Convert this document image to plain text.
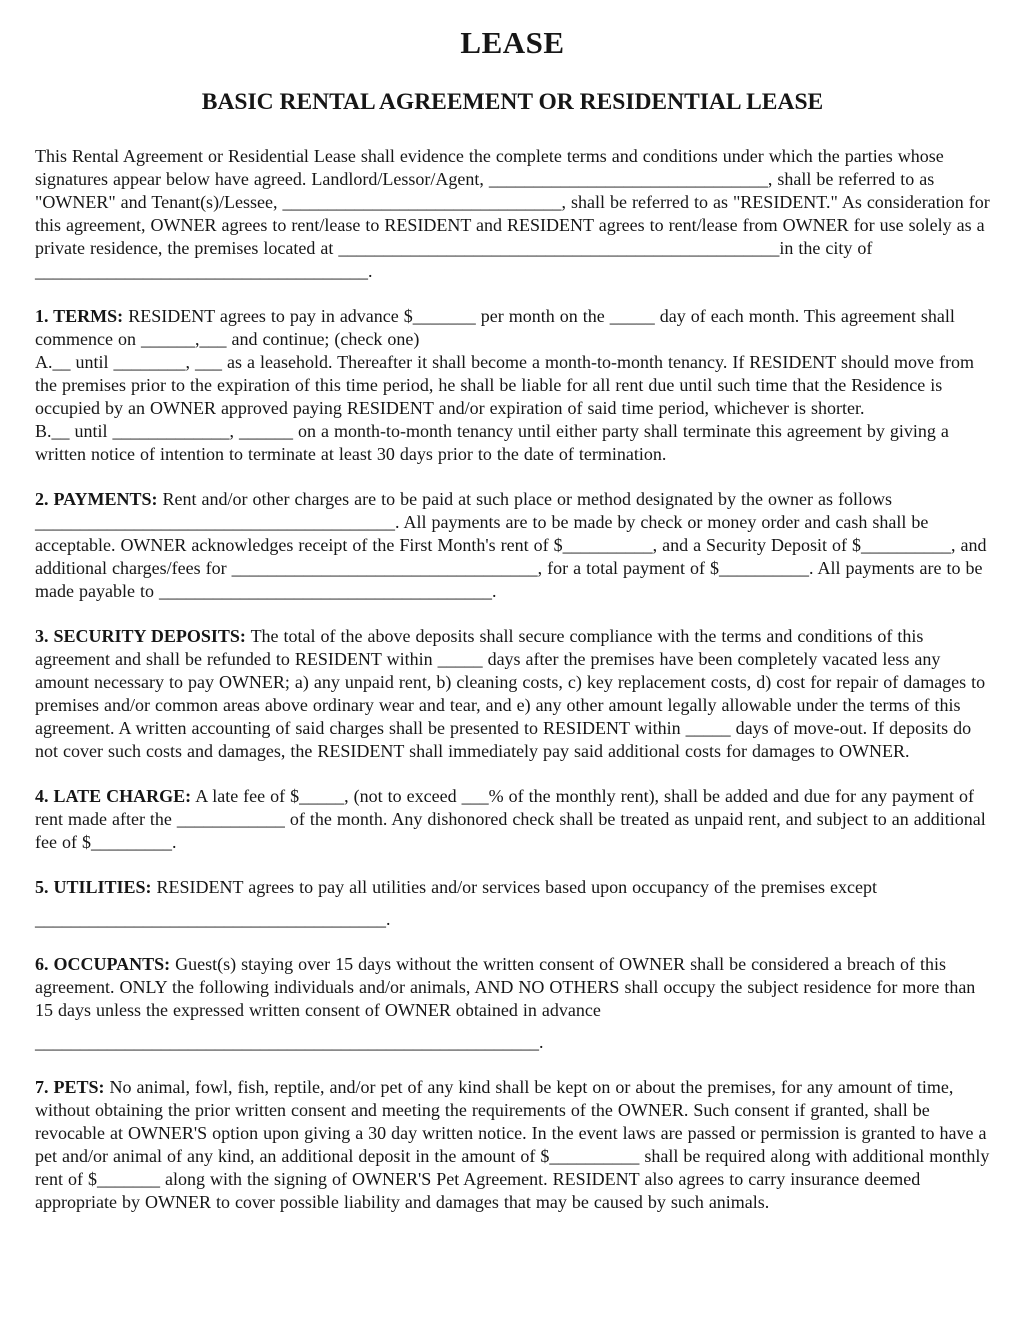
LEASE
BASIC RENTAL AGREEMENT OR RESIDENTIAL LEASE

This Rental Agreement or Residential Lease shall evidence the complete terms and conditions under which the parties whose signatures appear below have agreed. Landlord/Lessor/Agent, _______________________________, shall be referred to as "OWNER" and Tenant(s)/Lessee, _______________________________, shall be referred to as "RESIDENT." As consideration for this agreement, OWNER agrees to rent/lease to RESIDENT and RESIDENT agrees to rent/lease from OWNER for use solely as a private residence, the premises located at _________________________________________________in the city of _____________________________________.

1. TERMS: RESIDENT agrees to pay in advance $_______ per month on the _____ day of each month. This agreement shall commence on ______,___ and continue; (check one)

A.__ until ________, ___ as a leasehold. Thereafter it shall become a month-to-month tenancy. If RESIDENT should move from the premises prior to the expiration of this time period, he shall be liable for all rent due until such time that the Residence is occupied by an OWNER approved paying RESIDENT and/or expiration of said time period, whichever is shorter.

B.__ until _____________, ______ on a month-to-month tenancy until either party shall terminate this agreement by giving a written notice of intention to terminate at least 30 days prior to the date of termination.

2. PAYMENTS: Rent and/or other charges are to be paid at such place or method designated by the owner as follows ________________________________________. All payments are to be made by check or money order and cash shall be acceptable. OWNER acknowledges receipt of the First Month's rent of $__________, and a Security Deposit of $__________, and additional charges/fees for __________________________________, for a total payment of $__________. All payments are to be made payable to _____________________________________.

3. SECURITY DEPOSITS: The total of the above deposits shall secure compliance with the terms and conditions of this agreement and shall be refunded to RESIDENT within _____ days after the premises have been completely vacated less any amount necessary to pay OWNER; a) any unpaid rent, b) cleaning costs, c) key replacement costs, d) cost for repair of damages to premises and/or common areas above ordinary wear and tear, and e) any other amount legally allowable under the terms of this agreement. A written accounting of said charges shall be presented to RESIDENT within _____ days of move-out. If deposits do not cover such costs and damages, the RESIDENT shall immediately pay said additional costs for damages to OWNER.

4. LATE CHARGE: A late fee of $_____, (not to exceed ___% of the monthly rent), shall be added and due for any payment of rent made after the ____________ of the month. Any dishonored check shall be treated as unpaid rent, and subject to an additional fee of $_________.

5. UTILITIES: RESIDENT agrees to pay all utilities and/or services based upon occupancy of the premises except

_______________________________________.

6. OCCUPANTS: Guest(s) staying over 15 days without the written consent of OWNER shall be considered a breach of this agreement. ONLY the following individuals and/or animals, AND NO OTHERS shall occupy the subject residence for more than 15 days unless the expressed written consent of OWNER obtained in advance

________________________________________________________.

7. PETS: No animal, fowl, fish, reptile, and/or pet of any kind shall be kept on or about the premises, for any amount of time, without obtaining the prior written consent and meeting the requirements of the OWNER. Such consent if granted, shall be revocable at OWNER'S option upon giving a 30 day written notice. In the event laws are passed or permission is granted to have a pet and/or animal of any kind, an additional deposit in the amount of $__________ shall be required along with additional monthly rent of $_______ along with the signing of OWNER'S Pet Agreement. RESIDENT also agrees to carry insurance deemed appropriate by OWNER to cover possible liability and damages that may be caused by such animals.
